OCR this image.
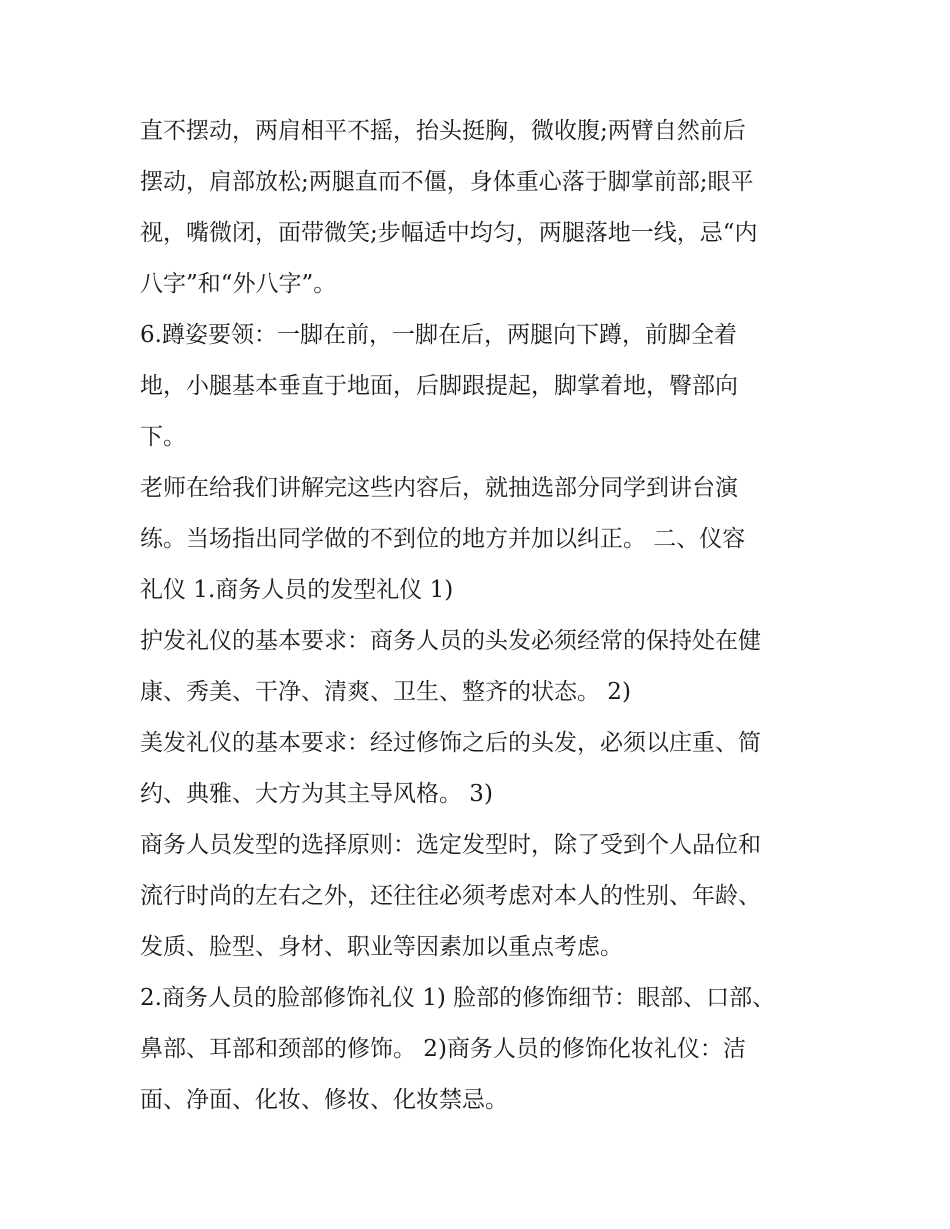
直不摆动，两肩相平不摇，抬头挺胸，微收腹;两臂自然前后
摆动，肩部放松;两腿直而不僵，身体重心落于脚掌前部;眼平
视，嘴微闭，面带微笑;步幅适中均匀，两腿落地一线，忌“内
八字”和“外八字”。
6.蹲姿要领：一脚在前，一脚在后，两腿向下蹲，前脚全着
地，小腿基本垂直于地面，后脚跟提起，脚掌着地，臀部向
下。
老师在给我们讲解完这些内容后，就抽选部分同学到讲台演
练。当场指出同学做的不到位的地方并加以纠正。 二、仪容
礼仪 1.商务人员的发型礼仪 1)
护发礼仪的基本要求：商务人员的头发必须经常的保持处在健
康、秀美、干净、清爽、卫生、整齐的状态。 2)
美发礼仪的基本要求：经过修饰之后的头发，必须以庄重、简
约、典雅、大方为其主导风格。 3)
商务人员发型的选择原则：选定发型时，除了受到个人品位和
流行时尚的左右之外，还往往必须考虑对本人的性别、年龄、
发质、脸型、身材、职业等因素加以重点考虑。
2.商务人员的脸部修饰礼仪 1) 脸部的修饰细节：眼部、口部、
鼻部、耳部和颈部的修饰。 2)商务人员的修饰化妆礼仪：洁
面、净面、化妆、修妆、化妆禁忌。
